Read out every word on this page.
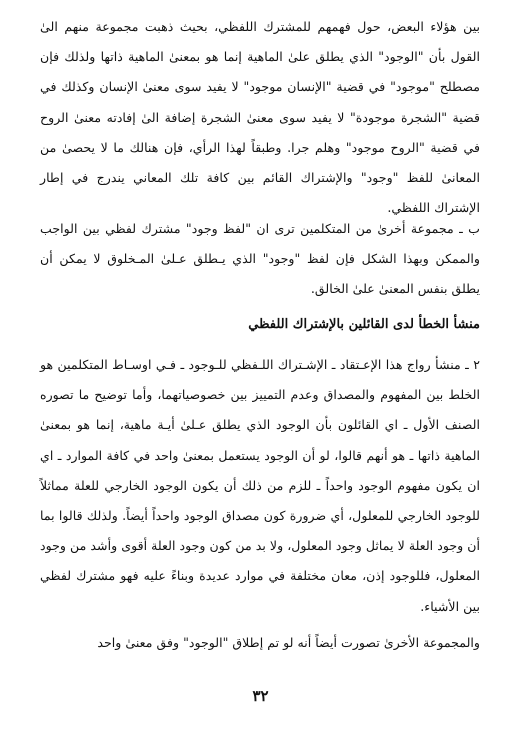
بين هؤلاء البعض، حول فهمهم للمشترك اللفظي، بحيث ذهبت مجموعة منهم الىٰ القول بأن "الوجود" الذي يطلق علىٰ الماهية إنما هو بمعنىٰ الماهية ذاتها ولذلك فإن مصطلح "موجود" في قضية "الإنسان موجود" لا يفيد سوى معنىٰ الإنسان وكذلك في قضية "الشجرة موجودة" لا يفيد سوى معنىٰ الشجرة إضافة الىٰ إفادته معنىٰ الروح في قضية "الروح موجود" وهلم جرا. وطبقاً لهذا الرأي، فإن هنالك ما لا يحصىٰ من المعانىٰ للفظ "وجود" والإشتراك القائم بين كافة تلك المعاني يندرج في إطار الإشتراك اللفظي.

ب ـ مجموعة أخرىٰ من المتكلمين ترى ان "لفظ وجود" مشترك لفظي بين الواجب والممكن وبهذا الشكل فإن لفظ "وجود" الذي يـطلق عـلىٰ المـخلوق لا يمكن أن يطلق بنفس المعنىٰ علىٰ الخالق.

منشأ الخطأ لدى القائلين بالإشتراك اللفظي

٢ ـ منشأ رواج هذا الإعـتقاد ـ الإشـتراك اللـفظي للـوجود ـ فـي اوسـاط المتكلمين هو الخلط بين المفهوم والمصداق وعدم التمييز بين خصوصياتهما، وأما توضيح ما تصوره الصنف الأول ـ اي القائلون بأن الوجود الذي يطلق عـلىٰ أيـة ماهية، إنما هو بمعنىٰ الماهية ذاتها ـ هو أنهم قالوا، لو أن الوجود يستعمل بمعنىٰ واحد في كافة الموارد ـ اي ان يكون مفهوم الوجود واحداً ـ للزم من ذلك أن يكون الوجود الخارجي للعلة مماثلاً للوجود الخارجي للمعلول، أي ضرورة كون مصداق الوجود واحداً أيضاً. ولذلك قالوا بما أن وجود العلة لا يماثل وجود المعلول، ولا بد من كون وجود العلة أقوى وأشد من وجود المعلول، فللوجود إذن، معان مختلفة في موارد عديدة وبناءً عليه فهو مشترك لفظي بين الأشياء.

والمجموعة الأخرىٰ تصورت أيضاً أنه لو تم إطلاق "الوجود" وفق معنىٰ واحد

٣٢
